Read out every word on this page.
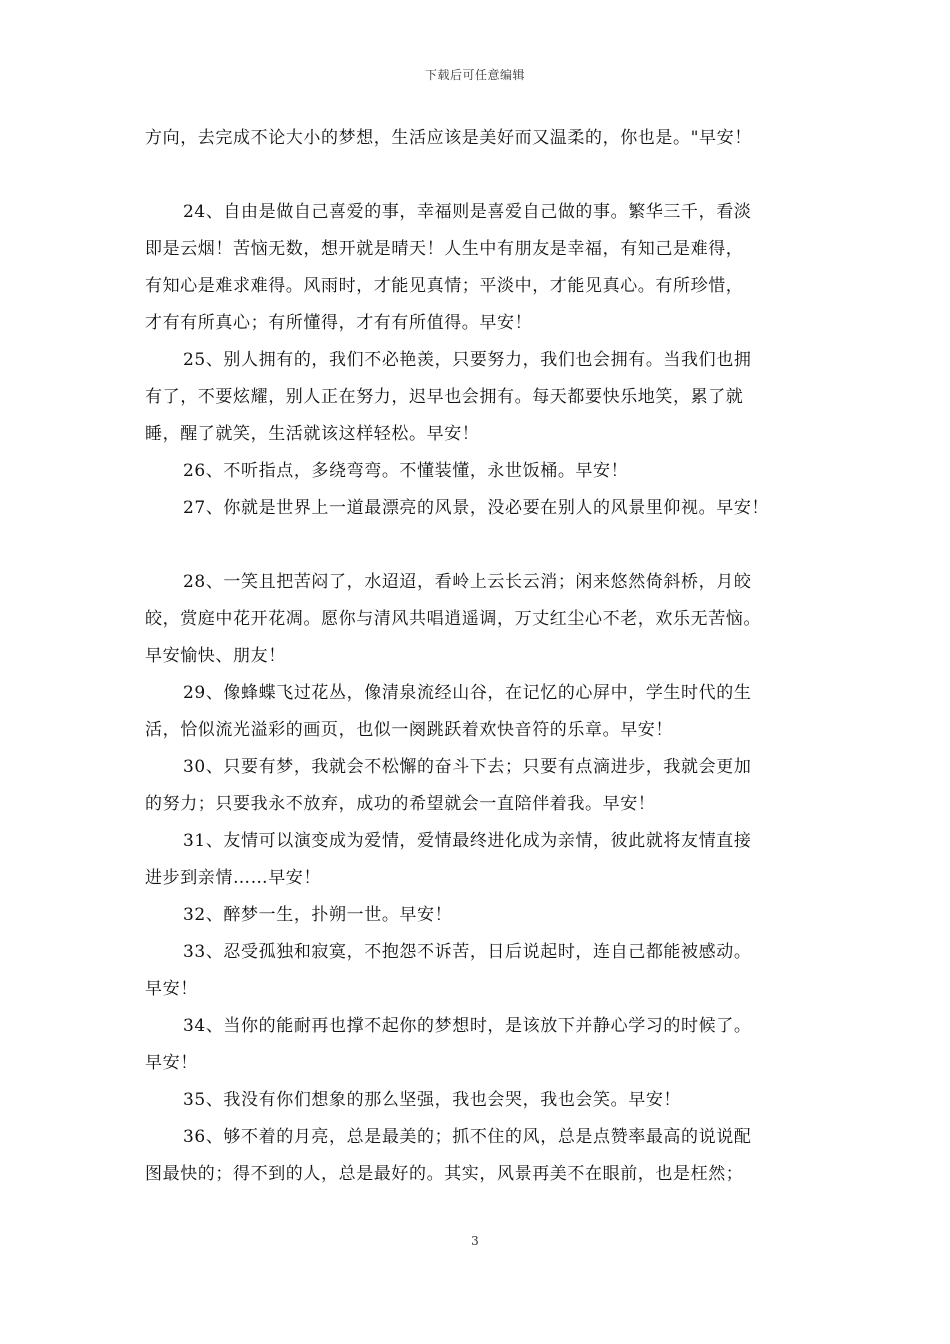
下载后可任意编辑
方向，去完成不论大小的梦想，生活应该是美好而又温柔的，你也是。"早安！
24、自由是做自己喜爱的事，幸福则是喜爱自己做的事。繁华三千，看淡
即是云烟！苦恼无数，想开就是晴天！人生中有朋友是幸福，有知己是难得，
有知心是难求难得。风雨时，才能见真情；平淡中，才能见真心。有所珍惜，
才有有所真心；有所懂得，才有有所值得。早安！
25、别人拥有的，我们不必艳羡，只要努力，我们也会拥有。当我们也拥
有了，不要炫耀，别人正在努力，迟早也会拥有。每天都要快乐地笑，累了就
睡，醒了就笑，生活就该这样轻松。早安！
26、不听指点，多绕弯弯。不懂装懂，永世饭桶。早安！
27、你就是世界上一道最漂亮的风景，没必要在别人的风景里仰视。早安！
28、一笑且把苦闷了，水迢迢，看岭上云长云消；闲来悠然倚斜桥，月皎
皎，赏庭中花开花凋。愿你与清风共唱逍遥调，万丈红尘心不老，欢乐无苦恼。
早安愉快、朋友！
29、像蜂蝶飞过花丛，像清泉流经山谷，在记忆的心屏中，学生时代的生
活，恰似流光溢彩的画页，也似一阕跳跃着欢快音符的乐章。早安！
30、只要有梦，我就会不松懈的奋斗下去；只要有点滴进步，我就会更加
的努力；只要我永不放弃，成功的希望就会一直陪伴着我。早安！
31、友情可以演变成为爱情，爱情最终进化成为亲情，彼此就将友情直接
进步到亲情……早安！
32、醉梦一生，扑朔一世。早安！
33、忍受孤独和寂寞，不抱怨不诉苦，日后说起时，连自己都能被感动。
早安！
34、当你的能耐再也撑不起你的梦想时，是该放下并静心学习的时候了。
早安！
35、我没有你们想象的那么坚强，我也会哭，我也会笑。早安！
36、够不着的月亮，总是最美的；抓不住的风，总是点赞率最高的说说配
图最快的；得不到的人，总是最好的。其实，风景再美不在眼前，也是枉然；
3
